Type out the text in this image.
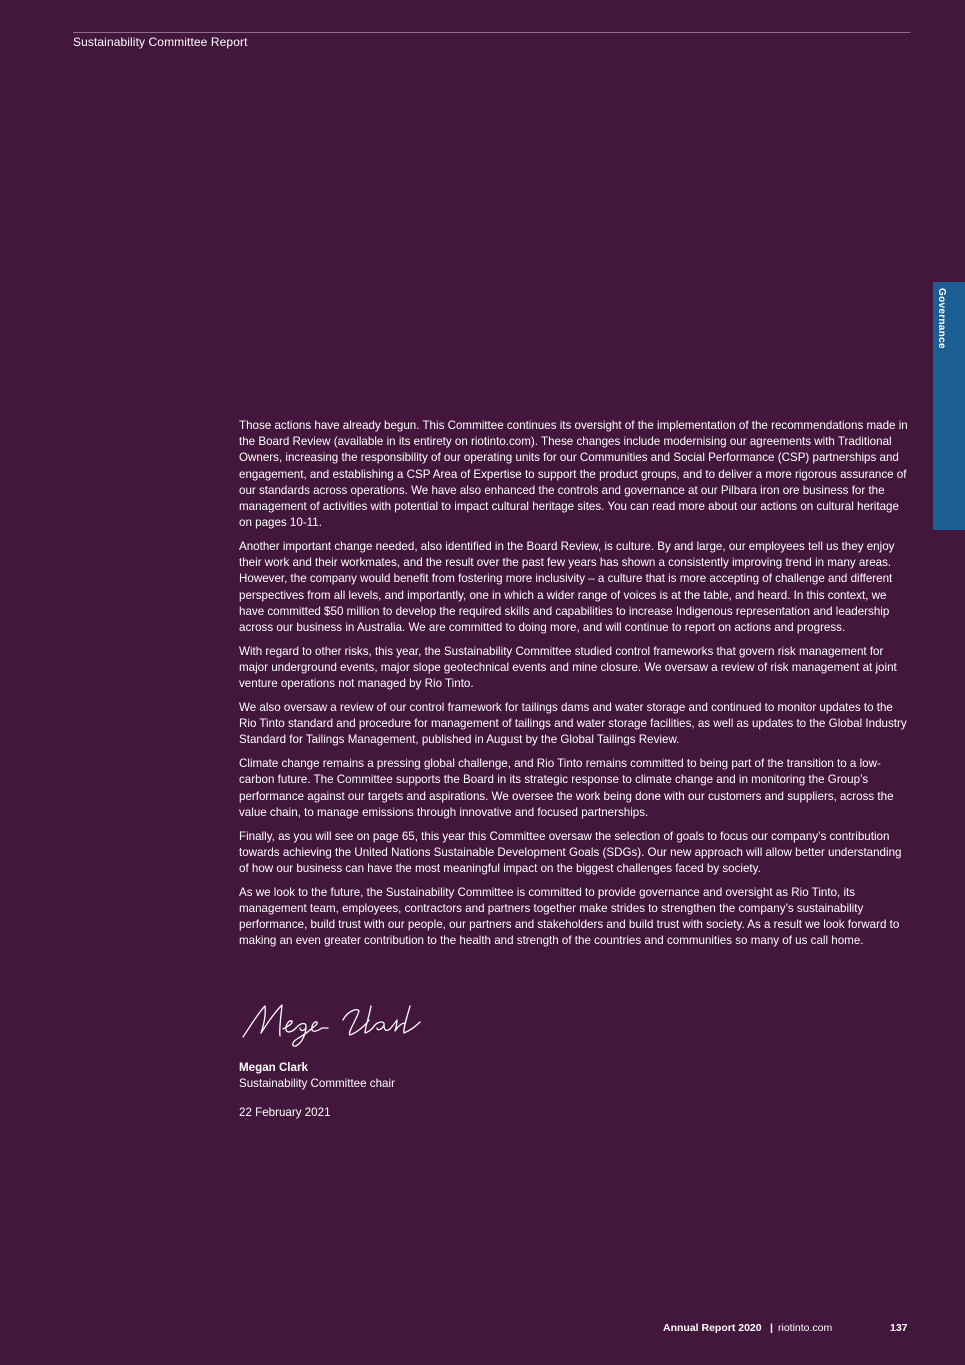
Sustainability Committee Report
Governance

Those actions have already begun. This Committee continues its oversight of the implementation of the recommendations made in the Board Review (available in its entirety on riotinto.com). These changes include modernising our agreements with Traditional Owners, increasing the responsibility of our operating units for our Communities and Social Performance (CSP) partnerships and engagement, and establishing a CSP Area of Expertise to support the product groups, and to deliver a more rigorous assurance of our standards across operations. We have also enhanced the controls and governance at our Pilbara iron ore business for the management of activities with potential to impact cultural heritage sites. You can read more about our actions on cultural heritage on pages 10-11.

Another important change needed, also identified in the Board Review, is culture. By and large, our employees tell us they enjoy their work and their workmates, and the result over the past few years has shown a consistently improving trend in many areas. However, the company would benefit from fostering more inclusivity – a culture that is more accepting of challenge and different perspectives from all levels, and importantly, one in which a wider range of voices is at the table, and heard. In this context, we have committed $50 million to develop the required skills and capabilities to increase Indigenous representation and leadership across our business in Australia. We are committed to doing more, and will continue to report on actions and progress.

With regard to other risks, this year, the Sustainability Committee studied control frameworks that govern risk management for major underground events, major slope geotechnical events and mine closure. We oversaw a review of risk management at joint venture operations not managed by Rio Tinto.

We also oversaw a review of our control framework for tailings dams and water storage and continued to monitor updates to the Rio Tinto standard and procedure for management of tailings and water storage facilities, as well as updates to the Global Industry Standard for Tailings Management, published in August by the Global Tailings Review.

Climate change remains a pressing global challenge, and Rio Tinto remains committed to being part of the transition to a low-carbon future. The Committee supports the Board in its strategic response to climate change and in monitoring the Group’s performance against our targets and aspirations. We oversee the work being done with our customers and suppliers, across the value chain, to manage emissions through innovative and focused partnerships.

Finally, as you will see on page 65, this year this Committee oversaw the selection of goals to focus our company’s contribution towards achieving the United Nations Sustainable Development Goals (SDGs). Our new approach will allow better understanding of how our business can have the most meaningful impact on the biggest challenges faced by society.

As we look to the future, the Sustainability Committee is committed to provide governance and oversight as Rio Tinto, its management team, employees, contractors and partners together make strides to strengthen the company’s sustainability performance, build trust with our people, our partners and stakeholders and build trust with society. As a result we look forward to making an even greater contribution to the health and strength of the countries and communities so many of us call home.

Megan Clark
Sustainability Committee chair
22 February 2021
Annual Report 2020 | riotinto.com	137
